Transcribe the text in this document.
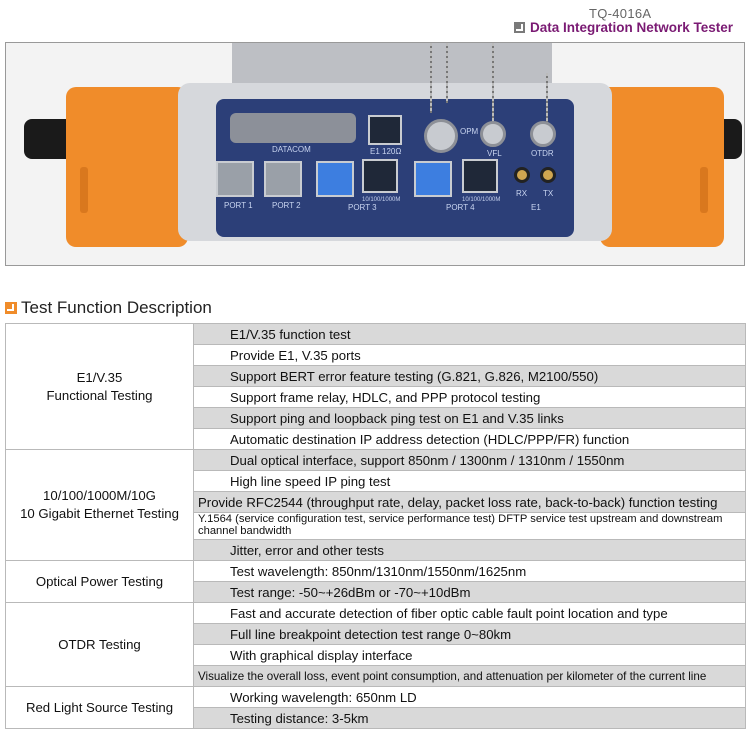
TQ-4016A
Data Integration Network Tester
DATACOM	E1 120Ω
OPM
VFL	OTDR
PORT 1 PORT 2
10/100/1000M
PORT 3
10/100/1000M
PORT 4
RX TX
E1
Test Function Description
E1/V.35
Functional Testing	E1/V.35 function test
	Provide E1, V.35 ports
	Support BERT error feature testing (G.821, G.826, M2100/550)
	Support frame relay, HDLC, and PPP protocol testing
	Support ping and loopback ping test on E1 and V.35 links
	Automatic destination IP address detection (HDLC/PPP/FR) function

10/100/1000M/10G
10 Gigabit Ethernet Testing	Dual optical interface, support 850nm / 1300nm / 1310nm / 1550nm
	High line speed IP ping test
	Provide RFC2544 (throughput rate, delay, packet loss rate, back-to-back) function testing
	Y.1564 (service configuration test, service performance test) DFTP service test upstream and downstream channel bandwidth
	Jitter, error and other tests

Optical Power Testing	Test wavelength: 850nm/1310nm/1550nm/1625nm
	Test range: -50~+26dBm or -70~+10dBm

OTDR Testing	Fast and accurate detection of fiber optic cable fault point location and type
	Full line breakpoint detection test range 0~80km
	With graphical display interface
	Visualize the overall loss, event point consumption, and attenuation per kilometer of the current line

Red Light Source Testing	Working wavelength: 650nm LD
	Testing distance: 3-5km
